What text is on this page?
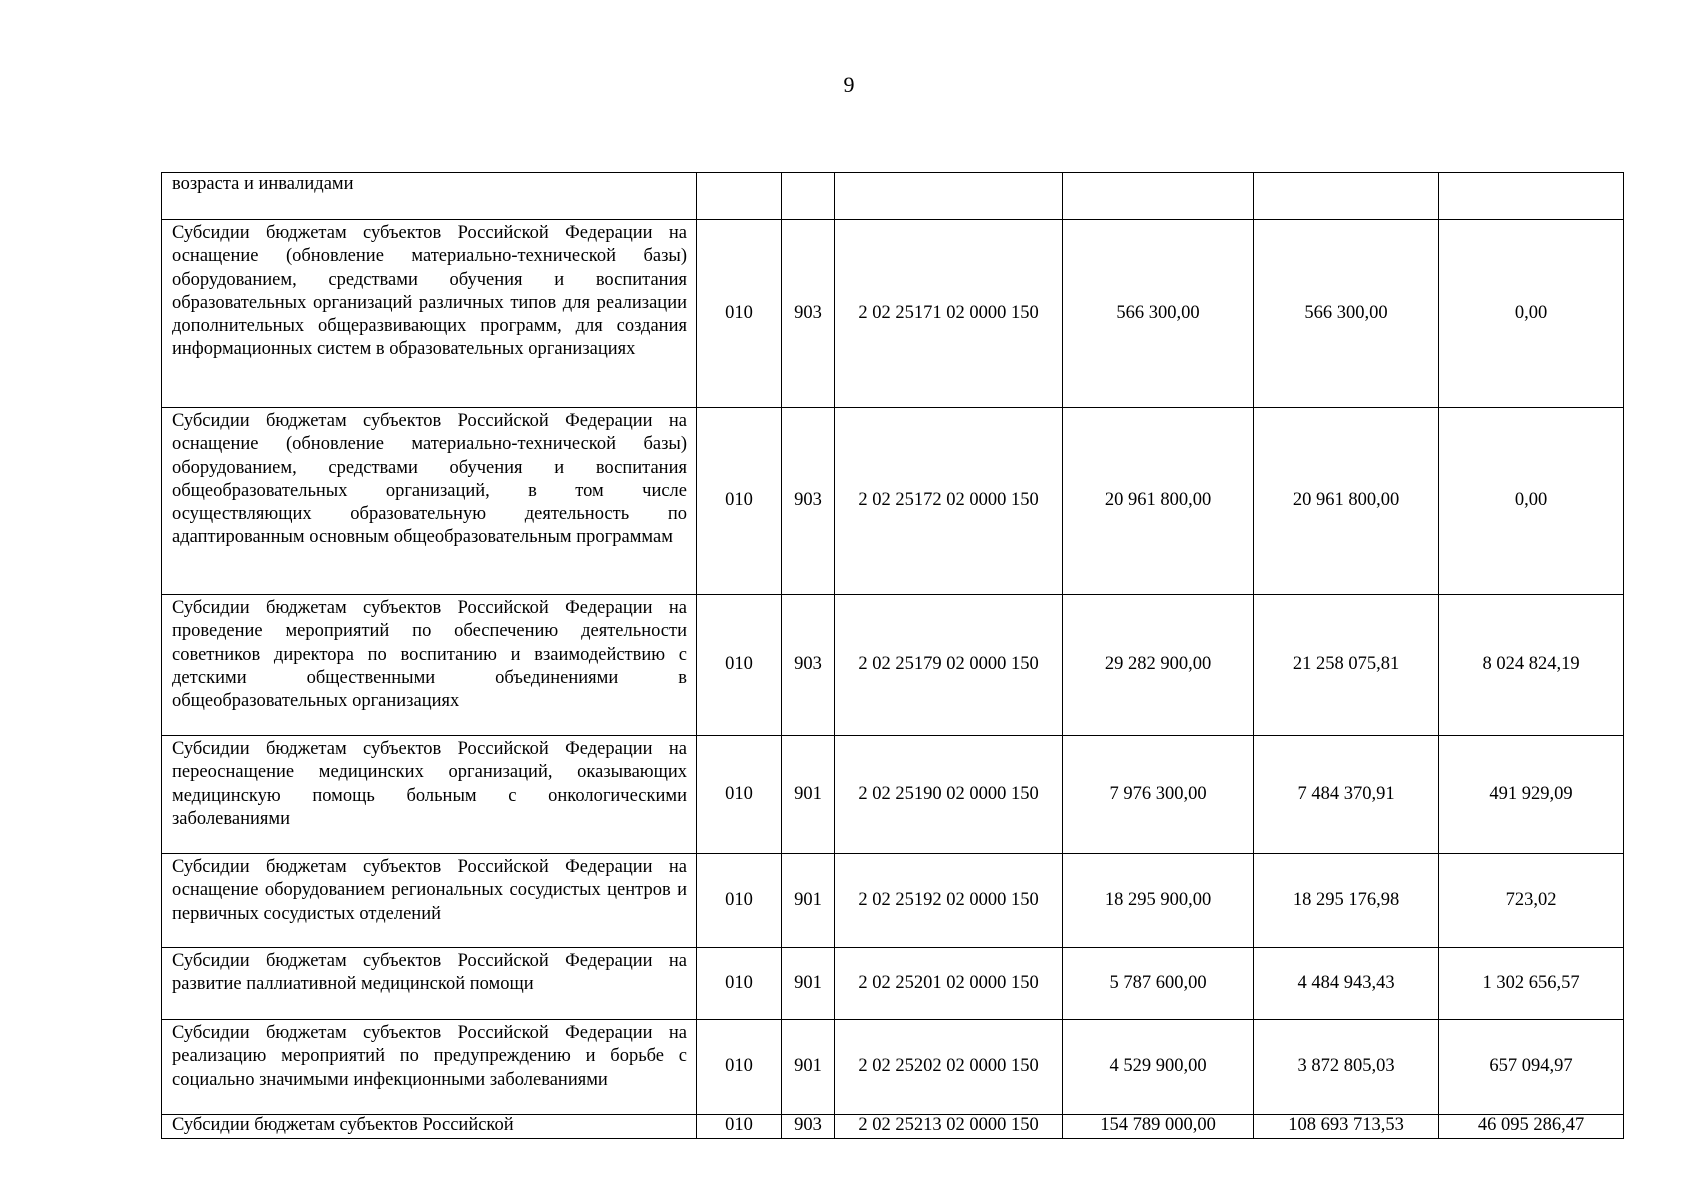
9
возраста и инвалидами						
Субсидии бюджетам субъектов Российской Федерации на оснащение (обновление материально-технической базы) оборудованием, средствами обучения и воспитания образовательных организаций различных типов для реализации дополнительных общеразвивающих программ, для создания информационных систем в образовательных организациях	010	903	2 02 25171 02 0000 150	566 300,00	566 300,00	0,00
Субсидии бюджетам субъектов Российской Федерации на оснащение (обновление материально-технической базы) оборудованием, средствами обучения и воспитания общеобразовательных организаций, в том числе осуществляющих образовательную деятельность по адаптированным основным общеобразовательным программам	010	903	2 02 25172 02 0000 150	20 961 800,00	20 961 800,00	0,00
Субсидии бюджетам субъектов Российской Федерации на проведение мероприятий по обеспечению деятельности советников директора по воспитанию и взаимодействию с детскими общественными объединениями в общеобразовательных организациях	010	903	2 02 25179 02 0000 150	29 282 900,00	21 258 075,81	8 024 824,19
Субсидии бюджетам субъектов Российской Федерации на переоснащение медицинских организаций, оказывающих медицинскую помощь больным с онкологическими заболеваниями	010	901	2 02 25190 02 0000 150	7 976 300,00	7 484 370,91	491 929,09
Субсидии бюджетам субъектов Российской Федерации на оснащение оборудованием региональных сосудистых центров и первичных сосудистых отделений	010	901	2 02 25192 02 0000 150	18 295 900,00	18 295 176,98	723,02
Субсидии бюджетам субъектов Российской Федерации на развитие паллиативной медицинской помощи	010	901	2 02 25201 02 0000 150	5 787 600,00	4 484 943,43	1 302 656,57
Субсидии бюджетам субъектов Российской Федерации на реализацию мероприятий по предупреждению и борьбе с социально значимыми инфекционными заболеваниями	010	901	2 02 25202 02 0000 150	4 529 900,00	3 872 805,03	657 094,97
Субсидии бюджетам субъектов Российской	010	903	2 02 25213 02 0000 150	154 789 000,00	108 693 713,53	46 095 286,47
